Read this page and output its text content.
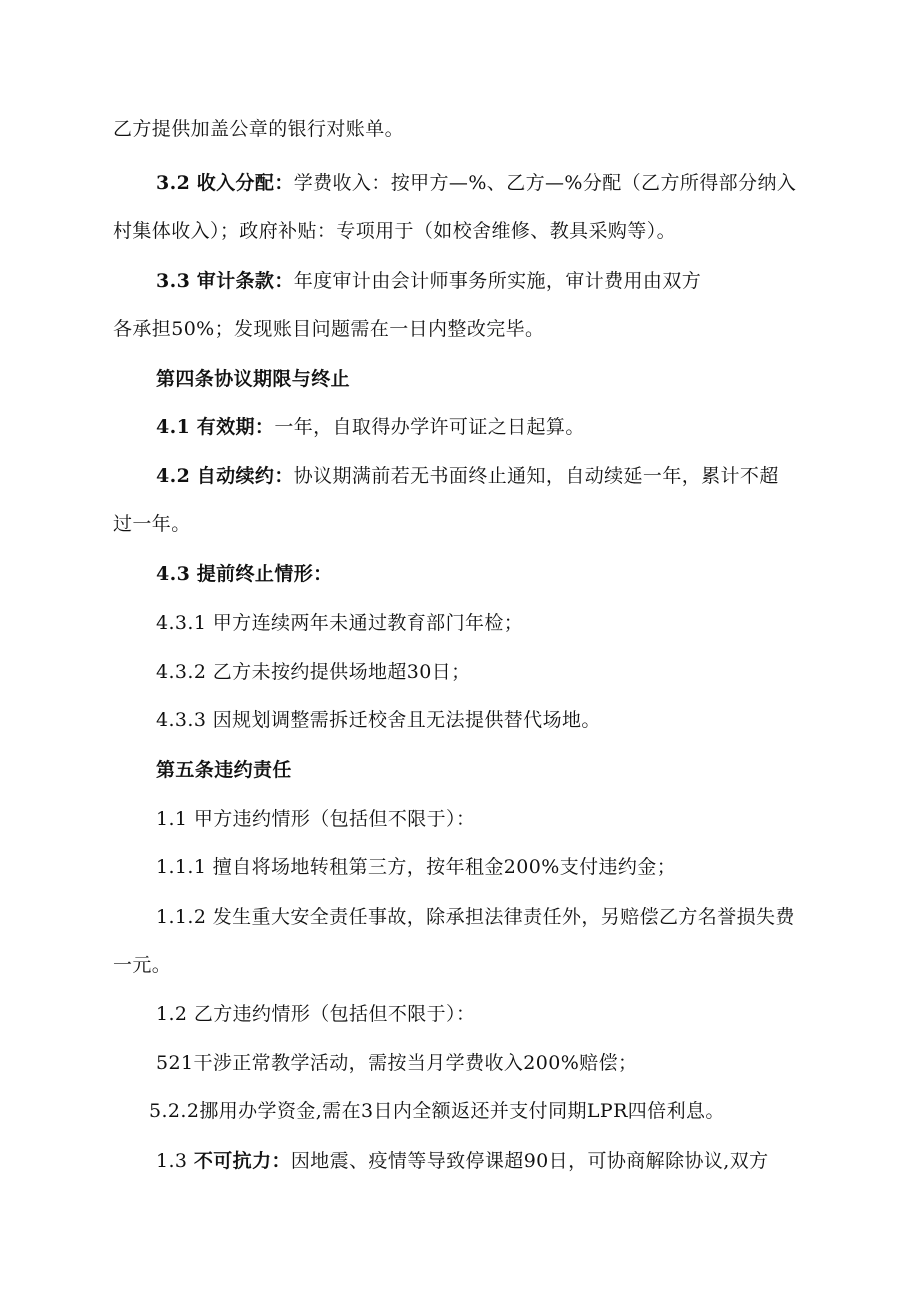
乙方提供加盖公章的银行对账单。
3.2 收入分配：学费收入：按甲方—%、乙方—%分配（乙方所得部分纳入
村集体收入）；政府补贴：专项用于（如校舍维修、教具采购等）。
3.3 审计条款：年度审计由会计师事务所实施，审计费用由双方
各承担50%；发现账目问题需在一日内整改完毕。
第四条协议期限与终止
4.1 有效期：一年，自取得办学许可证之日起算。
4.2 自动续约：协议期满前若无书面终止通知，自动续延一年，累计不超
过一年。
4.3 提前终止情形：
4.3.1 甲方连续两年未通过教育部门年检；
4.3.2 乙方未按约提供场地超30日；
4.3.3 因规划调整需拆迁校舍且无法提供替代场地。
第五条违约责任
1.1 甲方违约情形（包括但不限于）：
1.1.1 擅自将场地转租第三方，按年租金200%支付违约金；
1.1.2 发生重大安全责任事故，除承担法律责任外，另赔偿乙方名誉损失费
一元。
1.2 乙方违约情形（包括但不限于）：
521干涉正常教学活动，需按当月学费收入200%赔偿；
5.2.2挪用办学资金,需在3日内全额返还并支付同期LPR四倍利息。
1.3 不可抗力：因地震、疫情等导致停课超90日，可协商解除协议,双方
